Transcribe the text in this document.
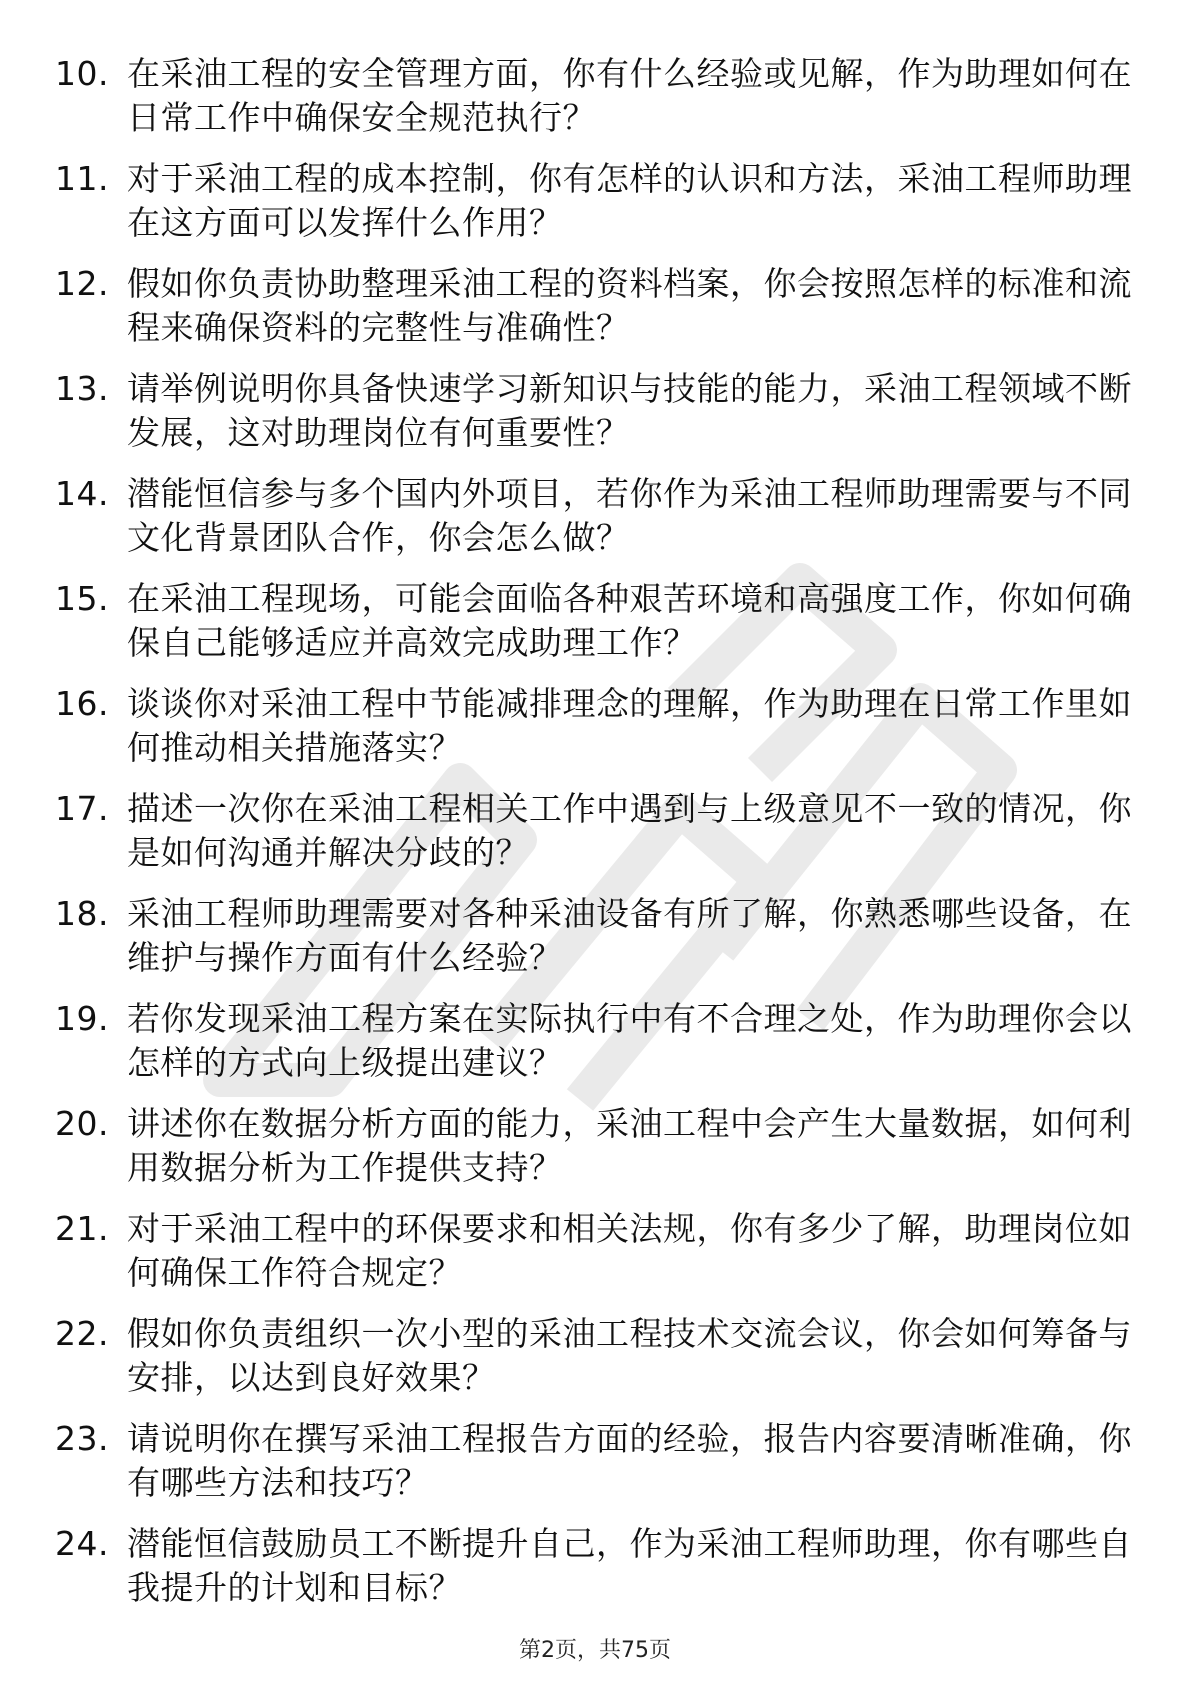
10. 在采油工程的安全管理方面，你有什么经验或见解，作为助理如何在日常工作中确保安全规范执行？
11. 对于采油工程的成本控制，你有怎样的认识和方法，采油工程师助理在这方面可以发挥什么作用？
12. 假如你负责协助整理采油工程的资料档案，你会按照怎样的标准和流程来确保资料的完整性与准确性？
13. 请举例说明你具备快速学习新知识与技能的能力，采油工程领域不断发展，这对助理岗位有何重要性？
14. 潜能恒信参与多个国内外项目，若你作为采油工程师助理需要与不同文化背景团队合作，你会怎么做？
15. 在采油工程现场，可能会面临各种艰苦环境和高强度工作，你如何确保自己能够适应并高效完成助理工作？
16. 谈谈你对采油工程中节能减排理念的理解，作为助理在日常工作里如何推动相关措施落实？
17. 描述一次你在采油工程相关工作中遇到与上级意见不一致的情况，你是如何沟通并解决分歧的？
18. 采油工程师助理需要对各种采油设备有所了解，你熟悉哪些设备，在维护与操作方面有什么经验？
19. 若你发现采油工程方案在实际执行中有不合理之处，作为助理你会以怎样的方式向上级提出建议？
20. 讲述你在数据分析方面的能力，采油工程中会产生大量数据，如何利用数据分析为工作提供支持？
21. 对于采油工程中的环保要求和相关法规，你有多少了解，助理岗位如何确保工作符合规定？
22. 假如你负责组织一次小型的采油工程技术交流会议，你会如何筹备与安排，以达到良好效果？
23. 请说明你在撰写采油工程报告方面的经验，报告内容要清晰准确，你有哪些方法和技巧？
24. 潜能恒信鼓励员工不断提升自己，作为采油工程师助理，你有哪些自我提升的计划和目标？
第2页，共75页
